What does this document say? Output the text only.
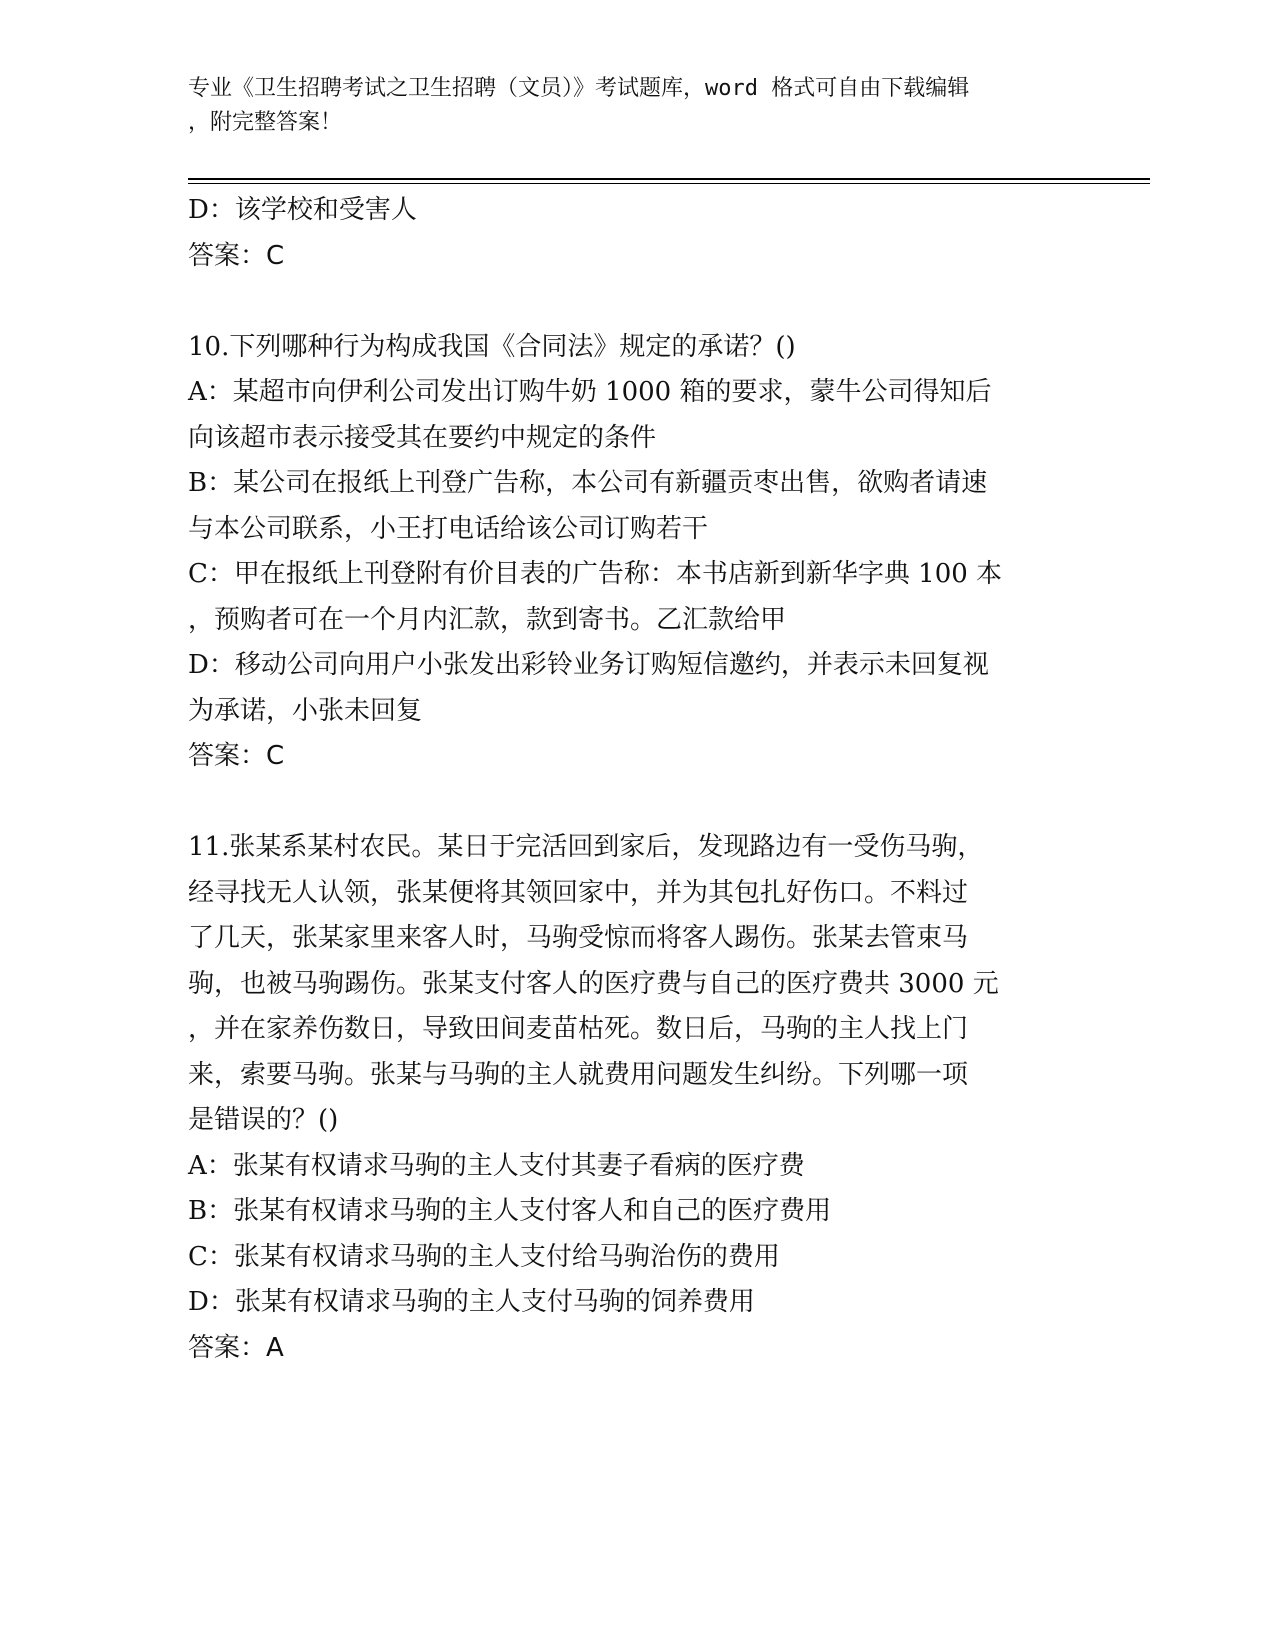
专业《卫生招聘考试之卫生招聘（文员）》考试题库，word 格式可自由下载编辑
，附完整答案！
D：该学校和受害人
答案：C
10.下列哪种行为构成我国《合同法》规定的承诺？()
A：某超市向伊利公司发出订购牛奶 1000 箱的要求，蒙牛公司得知后
向该超市表示接受其在要约中规定的条件
B：某公司在报纸上刊登广告称，本公司有新疆贡枣出售，欲购者请速
与本公司联系，小王打电话给该公司订购若干
C：甲在报纸上刊登附有价目表的广告称：本书店新到新华字典 100 本
，预购者可在一个月内汇款，款到寄书。乙汇款给甲
D：移动公司向用户小张发出彩铃业务订购短信邀约，并表示未回复视
为承诺，小张未回复
答案：C
11.张某系某村农民。某日于完活回到家后，发现路边有一受伤马驹，
经寻找无人认领，张某便将其领回家中，并为其包扎好伤口。不料过
了几天，张某家里来客人时，马驹受惊而将客人踢伤。张某去管束马
驹，也被马驹踢伤。张某支付客人的医疗费与自己的医疗费共 3000 元
，并在家养伤数日，导致田间麦苗枯死。数日后，马驹的主人找上门
来，索要马驹。张某与马驹的主人就费用问题发生纠纷。下列哪一项
是错误的？()
A：张某有权请求马驹的主人支付其妻子看病的医疗费
B：张某有权请求马驹的主人支付客人和自己的医疗费用
C：张某有权请求马驹的主人支付给马驹治伤的费用
D：张某有权请求马驹的主人支付马驹的饲养费用
答案：A
